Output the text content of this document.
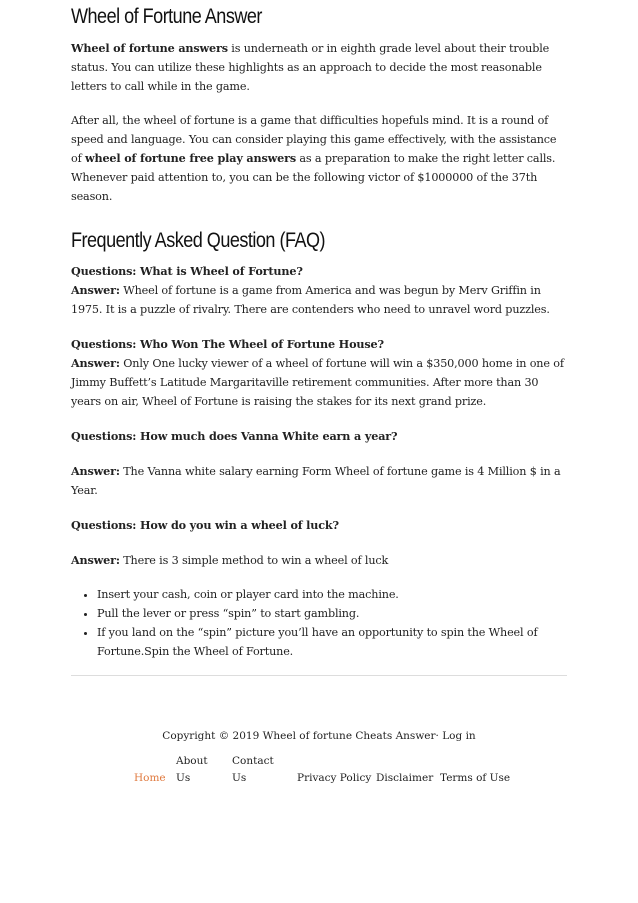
Wheel of Fortune Answer

Wheel of fortune answers is underneath or in eighth grade level about their trouble status. You can utilize these highlights as an approach to decide the most reasonable letters to call while in the game.

After all, the wheel of fortune is a game that difficulties hopefuls mind. It is a round of speed and language. You can consider playing this game effectively, with the assistance of wheel of fortune free play answers as a preparation to make the right letter calls. Whenever paid attention to, you can be the following victor of $1000000 of the 37th season.

Frequently Asked Question (FAQ)

Questions: What is Wheel of Fortune?

Answer: Wheel of fortune is a game from America and was begun by Merv Griffin in 1975. It is a puzzle of rivalry. There are contenders who need to unravel word puzzles.

Questions: Who Won The Wheel of Fortune House?

Answer: Only One lucky viewer of a wheel of fortune will win a $350,000 home in one of Jimmy Buffett’s Latitude Margaritaville retirement communities. After more than 30 years on air, Wheel of Fortune is raising the stakes for its next grand prize.

Questions: How much does Vanna White earn a year?

Answer: The Vanna white salary earning Form Wheel of fortune game is 4 Million $ in a Year.

Questions: How do you win a wheel of luck?

Answer: There is 3 simple method to win a wheel of luck

• Insert your cash, coin or player card into the machine.
• Pull the lever or press “spin” to start gambling.
• If you land on the “spin” picture you’ll have an opportunity to spin the Wheel of Fortune.Spin the Wheel of Fortune.
Copyright © 2019 Wheel of fortune Cheats Answer· Log in
Home
About
Us
Contact
Us	Privacy Policy Disclaimer Terms of Use
